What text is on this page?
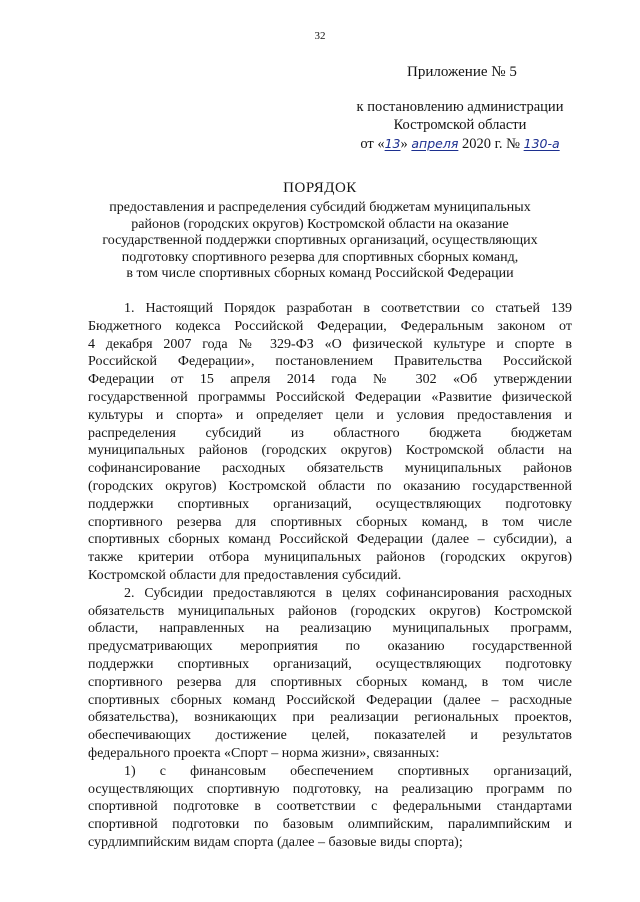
32
Приложение № 5
к постановлению администрации
Костромской области
от «13» апреля 2020 г. № 130-а
ПОРЯДОК
предоставления и распределения субсидий бюджетам муниципальных
районов (городских округов) Костромской области на оказание
государственной поддержки спортивных организаций, осуществляющих
подготовку спортивного резерва для спортивных сборных команд,
в том числе спортивных сборных команд Российской Федерации
1. Настоящий Порядок разработан в соответствии со статьей 139
Бюджетного кодекса Российской Федерации, Федеральным законом от
4 декабря 2007 года № 329-ФЗ «О физической культуре и спорте в
Российской Федерации», постановлением Правительства Российской
Федерации от 15 апреля 2014 года № 302 «Об утверждении
государственной программы Российской Федерации «Развитие физической
культуры и спорта» и определяет цели и условия предоставления и
распределения субсидий из областного бюджета бюджетам
муниципальных районов (городских округов) Костромской области на
софинансирование расходных обязательств муниципальных районов
(городских округов) Костромской области по оказанию государственной
поддержки спортивных организаций, осуществляющих подготовку
спортивного резерва для спортивных сборных команд, в том числе
спортивных сборных команд Российской Федерации (далее – субсидии), а
также критерии отбора муниципальных районов (городских округов)
Костромской области для предоставления субсидий.
2. Субсидии предоставляются в целях софинансирования расходных
обязательств муниципальных районов (городских округов) Костромской
области, направленных на реализацию муниципальных программ,
предусматривающих мероприятия по оказанию государственной
поддержки спортивных организаций, осуществляющих подготовку
спортивного резерва для спортивных сборных команд, в том числе
спортивных сборных команд Российской Федерации (далее – расходные
обязательства), возникающих при реализации региональных проектов,
обеспечивающих достижение целей, показателей и результатов
федерального проекта «Спорт – норма жизни», связанных:
1) с финансовым обеспечением спортивных организаций,
осуществляющих спортивную подготовку, на реализацию программ по
спортивной подготовке в соответствии с федеральными стандартами
спортивной подготовки по базовым олимпийским, паралимпийским и
сурдлимпийским видам спорта (далее – базовые виды спорта);
